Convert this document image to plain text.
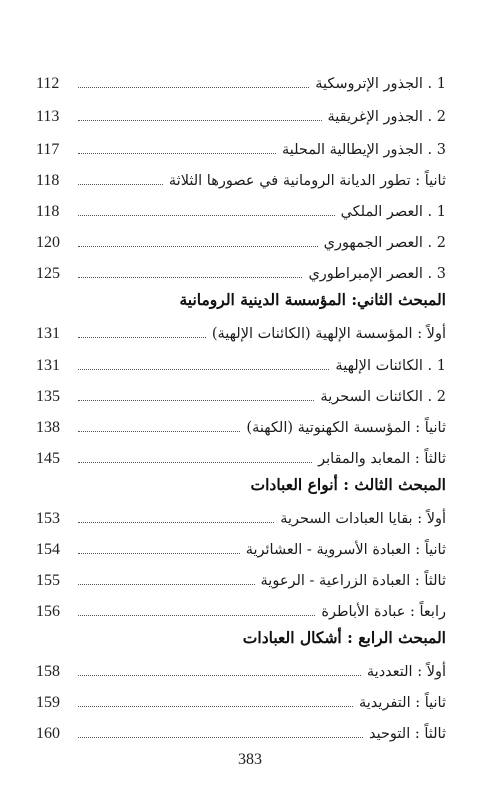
1 . الجذور الإتروسكية
112
2 . الجذور الإغريقية
113
3 . الجذور الإيطالية المحلية
117
ثانياً : تطور الديانة الرومانية في عصورها الثلاثة
118
1 . العصر الملكي
118
2 . العصر الجمهوري
120
3 . العصر الإمبراطوري
125
المبحث الثاني: المؤسسة الدينية الرومانية
أولاً : المؤسسة الإلهية (الكائنات الإلهية)
131
1 . الكائنات الإلهية
131
2 . الكائنات السحرية
135
ثانياً : المؤسسة الكهنوتية (الكهنة)
138
ثالثاً : المعابد والمقابر
145
المبحث الثالث : أنواع العبادات
أولاً : بقايا العبادات السحرية
153
ثانياً : العبادة الأسروية - العشائرية
154
ثالثاً : العبادة الزراعية - الرعوية
155
رابعاً : عبادة الأباطرة
156
المبحث الرابع : أشكال العبادات
أولاً : التعددية
158
ثانياً : التفريدية
159
ثالثاً : التوحيد
160
383
